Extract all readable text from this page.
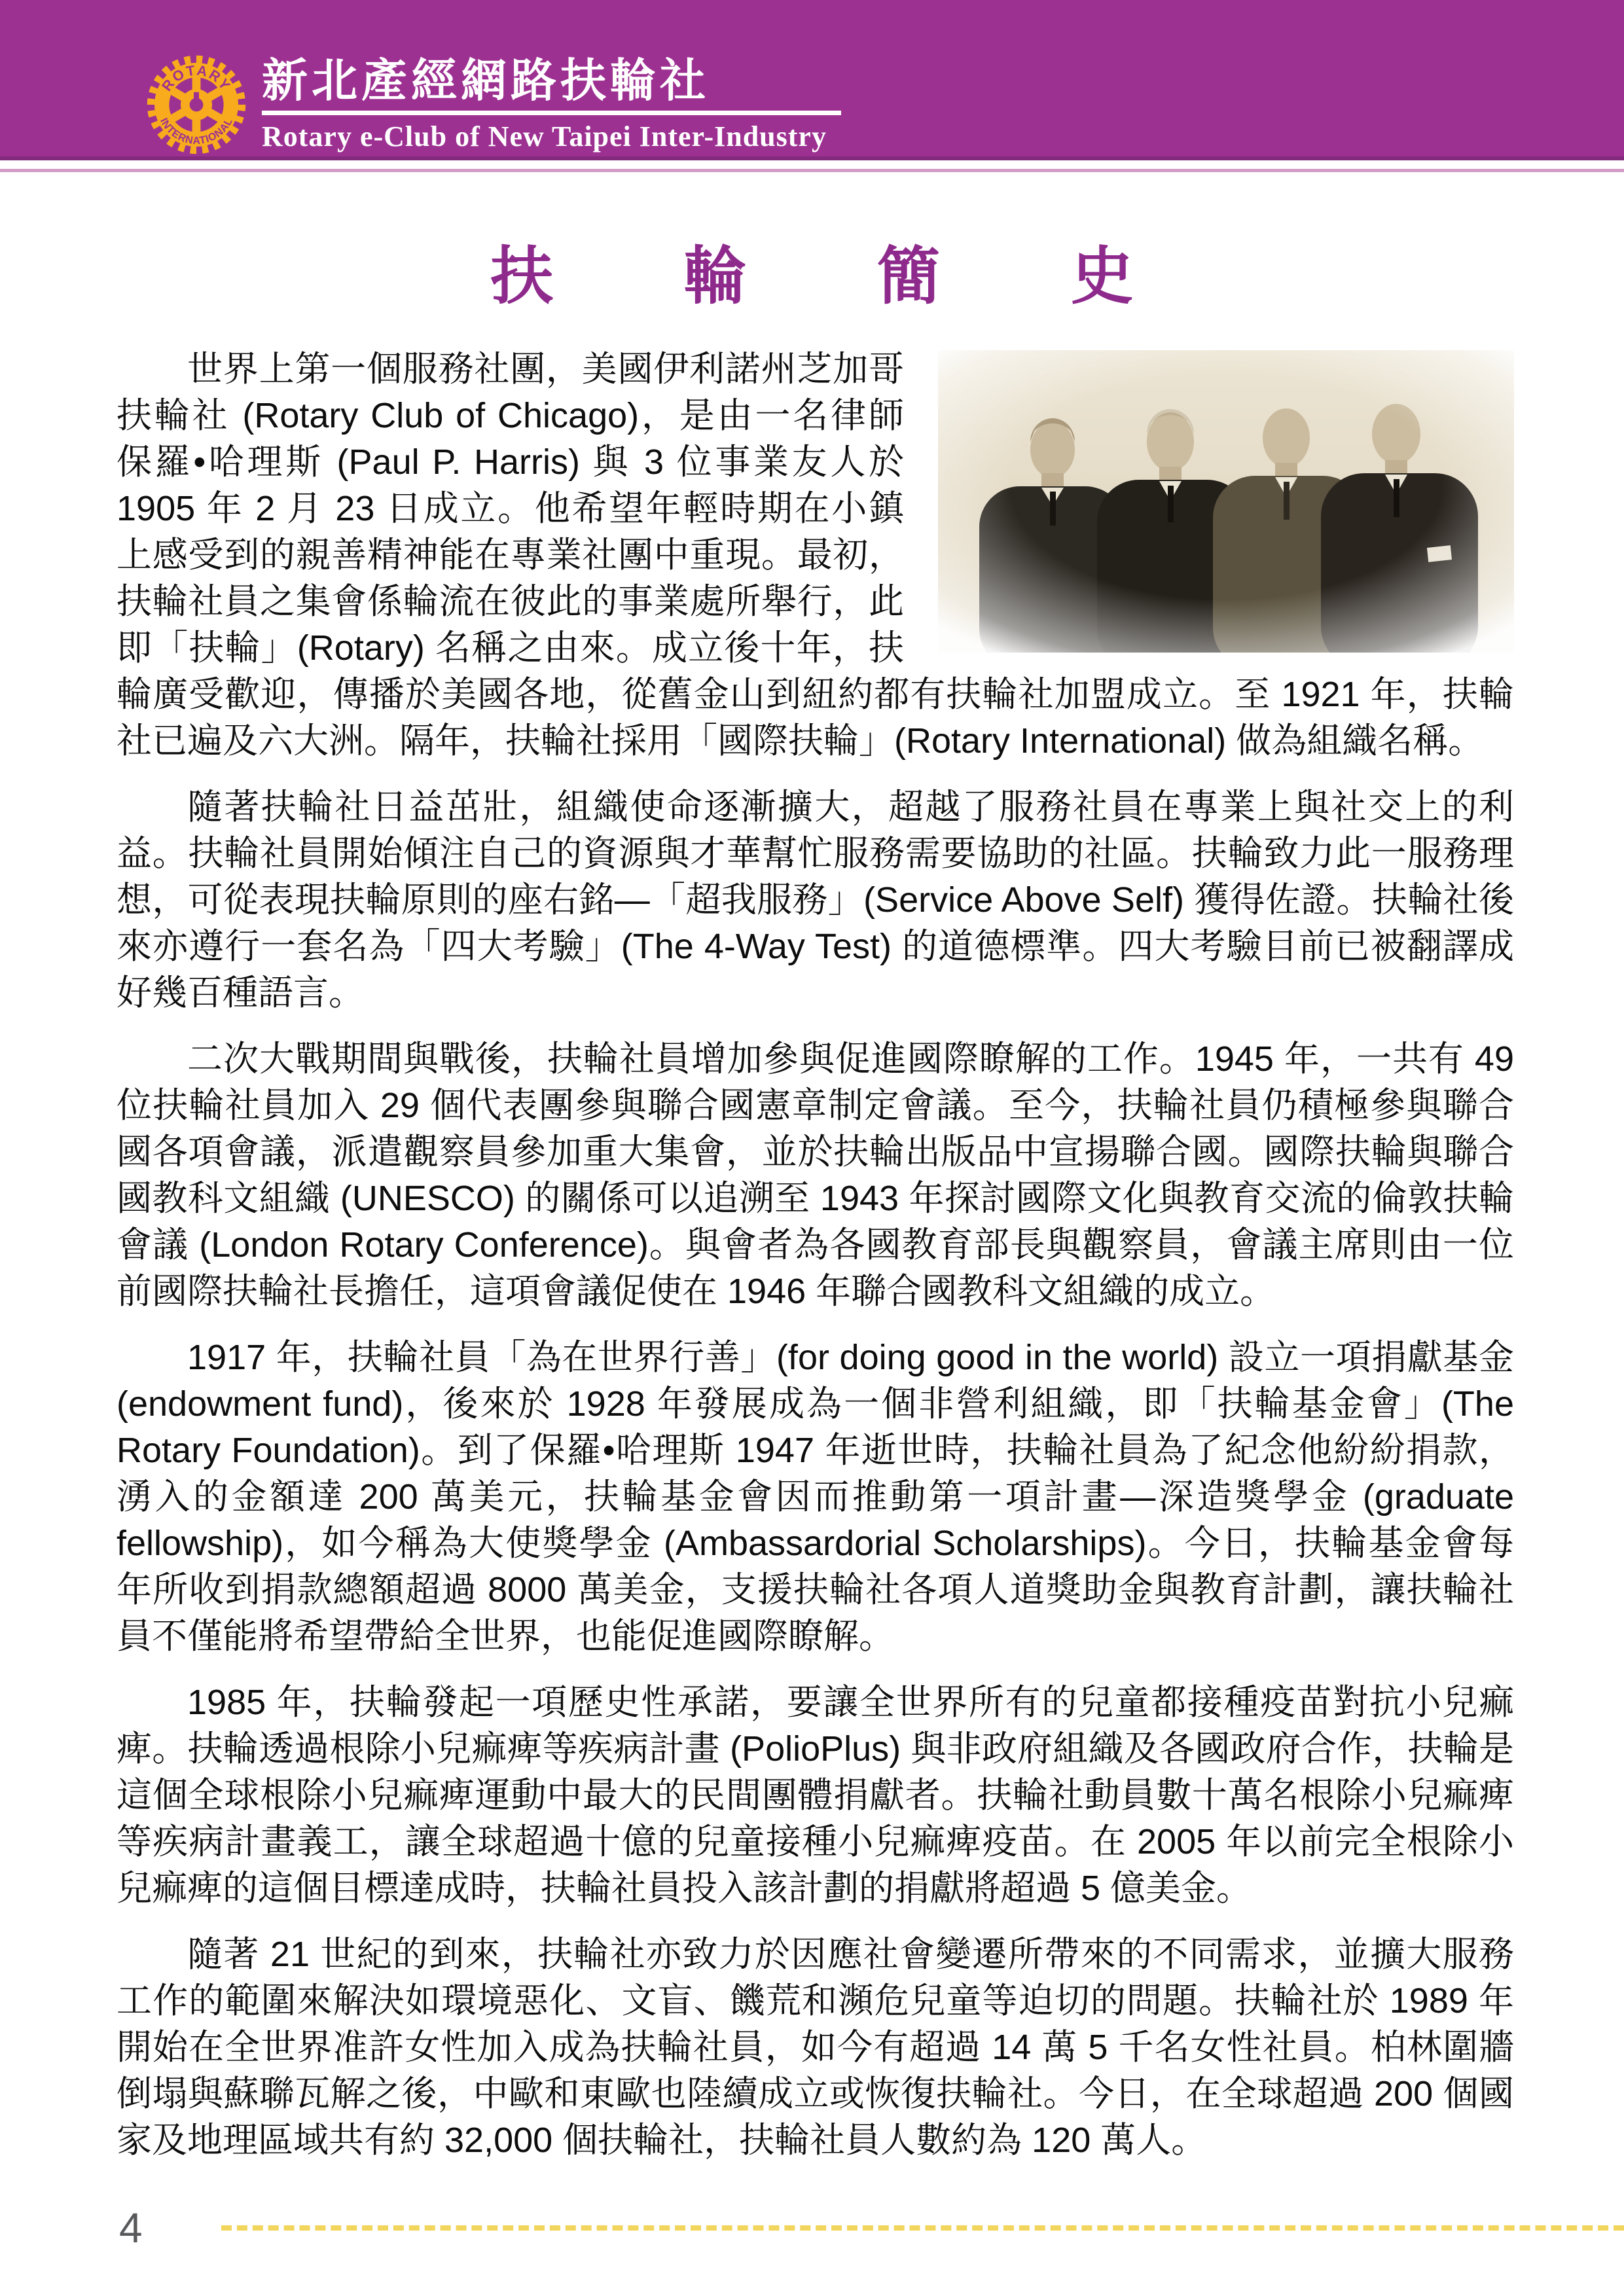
ROTARY
INTERNATIONAL
新北產經網路扶輪社
Rotary e-Club of New Taipei Inter-Industry
扶 輪 簡 史

世界上第一個服務社團，美國伊利諾州芝加哥扶輪社 (Rotary Club of Chicago)，是由一名律師保羅•哈理斯 (Paul P. Harris) 與 3 位事業友人於 1905 年 2 月 23 日成立。他希望年輕時期在小鎮上感受到的親善精神能在專業社團中重現。最初，扶輪社員之集會係輪流在彼此的事業處所舉行，此即「扶輪」(Rotary) 名稱之由來。成立後十年，扶輪廣受歡迎，傳播於美國各地，從舊金山到紐約都有扶輪社加盟成立。至 1921 年，扶輪社已遍及六大洲。隔年，扶輪社採用「國際扶輪」(Rotary International) 做為組織名稱。

隨著扶輪社日益茁壯，組織使命逐漸擴大，超越了服務社員在專業上與社交上的利益。扶輪社員開始傾注自己的資源與才華幫忙服務需要協助的社區。扶輪致力此一服務理想，可從表現扶輪原則的座右銘—「超我服務」(Service Above Self) 獲得佐證。扶輪社後來亦遵行一套名為「四大考驗」(The 4-Way Test) 的道德標準。四大考驗目前已被翻譯成好幾百種語言。

二次大戰期間與戰後，扶輪社員增加參與促進國際瞭解的工作。1945 年，一共有 49 位扶輪社員加入 29 個代表團參與聯合國憲章制定會議。至今，扶輪社員仍積極參與聯合國各項會議，派遣觀察員參加重大集會，並於扶輪出版品中宣揚聯合國。國際扶輪與聯合國教科文組織 (UNESCO) 的關係可以追溯至 1943 年探討國際文化與教育交流的倫敦扶輪會議 (London Rotary Conference)。與會者為各國教育部長與觀察員，會議主席則由一位前國際扶輪社長擔任，這項會議促使在 1946 年聯合國教科文組織的成立。

1917 年，扶輪社員「為在世界行善」(for doing good in the world) 設立一項捐獻基金 (endowment fund)，後來於 1928 年發展成為一個非營利組織，即「扶輪基金會」(The Rotary Foundation)。到了保羅•哈理斯 1947 年逝世時，扶輪社員為了紀念他紛紛捐款，湧入的金額達 200 萬美元，扶輪基金會因而推動第一項計畫—深造獎學金 (graduate fellowship)，如今稱為大使獎學金 (Ambassardorial Scholarships)。今日，扶輪基金會每年所收到捐款總額超過 8000 萬美金，支援扶輪社各項人道獎助金與教育計劃，讓扶輪社員不僅能將希望帶給全世界，也能促進國際瞭解。

1985 年，扶輪發起一項歷史性承諾，要讓全世界所有的兒童都接種疫苗對抗小兒痲痺。扶輪透過根除小兒痲痺等疾病計畫 (PolioPlus) 與非政府組織及各國政府合作，扶輪是這個全球根除小兒痲痺運動中最大的民間團體捐獻者。扶輪社動員數十萬名根除小兒痲痺等疾病計畫義工，讓全球超過十億的兒童接種小兒痲痺疫苗。在 2005 年以前完全根除小兒痲痺的這個目標達成時，扶輪社員投入該計劃的捐獻將超過 5 億美金。

隨著 21 世紀的到來，扶輪社亦致力於因應社會變遷所帶來的不同需求，並擴大服務工作的範圍來解決如環境惡化、文盲、饑荒和瀕危兒童等迫切的問題。扶輪社於 1989 年開始在全世界准許女性加入成為扶輪社員，如今有超過 14 萬 5 千名女性社員。柏林圍牆倒塌與蘇聯瓦解之後，中歐和東歐也陸續成立或恢復扶輪社。今日，在全球超過 200 個國家及地理區域共有約 32,000 個扶輪社，扶輪社員人數約為 120 萬人。

4
